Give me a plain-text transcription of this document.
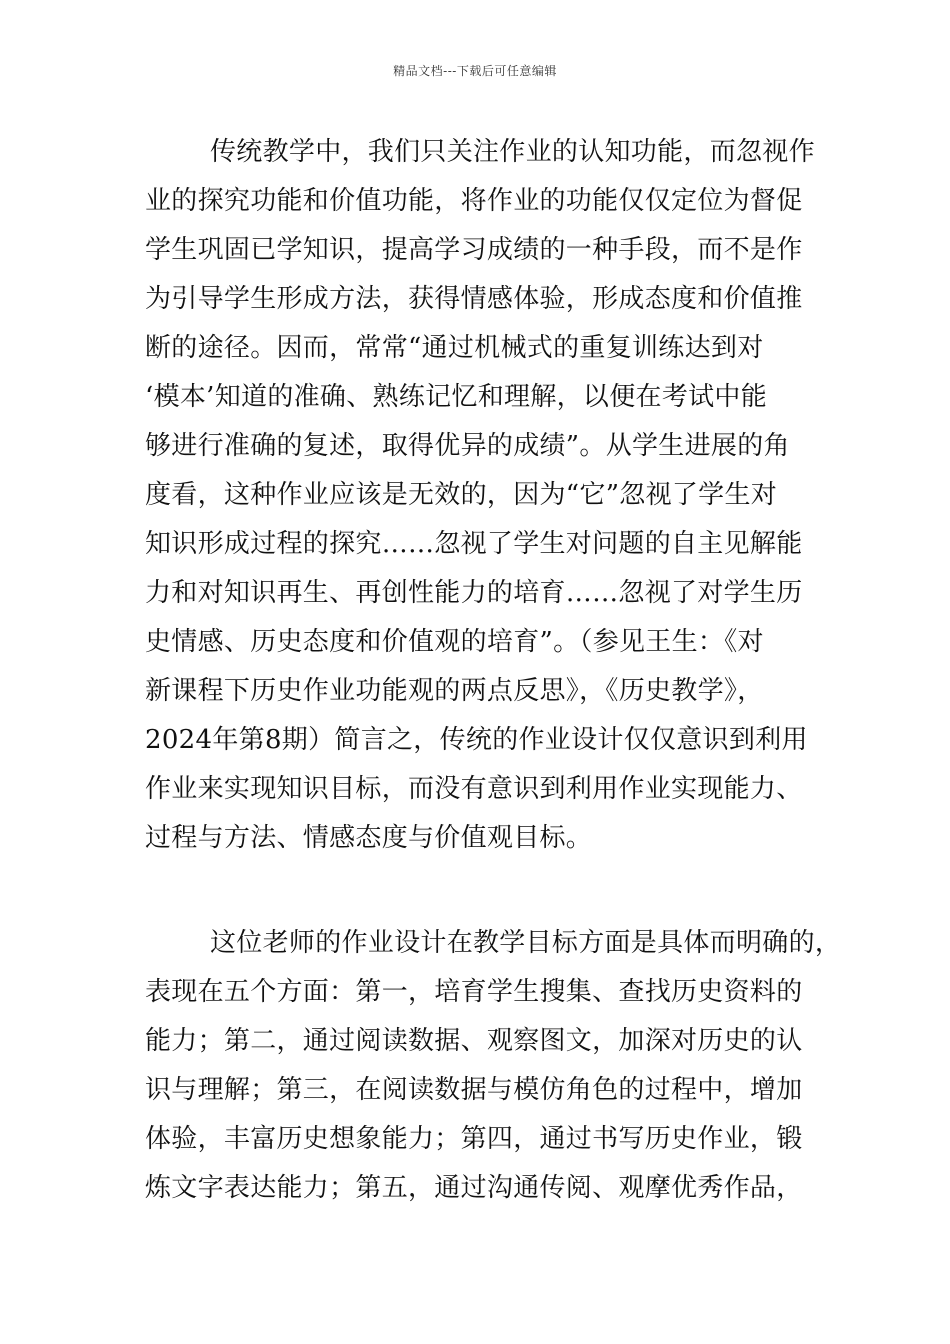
精品文档---下载后可任意编辑
传统教学中，我们只关注作业的认知功能，而忽视作
业的探究功能和价值功能，将作业的功能仅仅定位为督促
学生巩固已学知识，提高学习成绩的一种手段，而不是作
为引导学生形成方法，获得情感体验，形成态度和价值推
断的途径。因而，常常“通过机械式的重复训练达到对
‘模本’知道的准确、熟练记忆和理解，以便在考试中能
够进行准确的复述，取得优异的成绩”。从学生进展的角
度看，这种作业应该是无效的，因为“它”忽视了学生对
知识形成过程的探究……忽视了学生对问题的自主见解能
力和对知识再生、再创性能力的培育……忽视了对学生历
史情感、历史态度和价值观的培育”。（参见王生：《对
新课程下历史作业功能观的两点反思》，《历史教学》，
2024年第8期）简言之，传统的作业设计仅仅意识到利用
作业来实现知识目标，而没有意识到利用作业实现能力、
过程与方法、情感态度与价值观目标。
这位老师的作业设计在教学目标方面是具体而明确的，
表现在五个方面：第一，培育学生搜集、查找历史资料的
能力；第二，通过阅读数据、观察图文，加深对历史的认
识与理解；第三，在阅读数据与模仿角色的过程中，增加
体验，丰富历史想象能力；第四，通过书写历史作业，锻
炼文字表达能力；第五，通过沟通传阅、观摩优秀作品，
